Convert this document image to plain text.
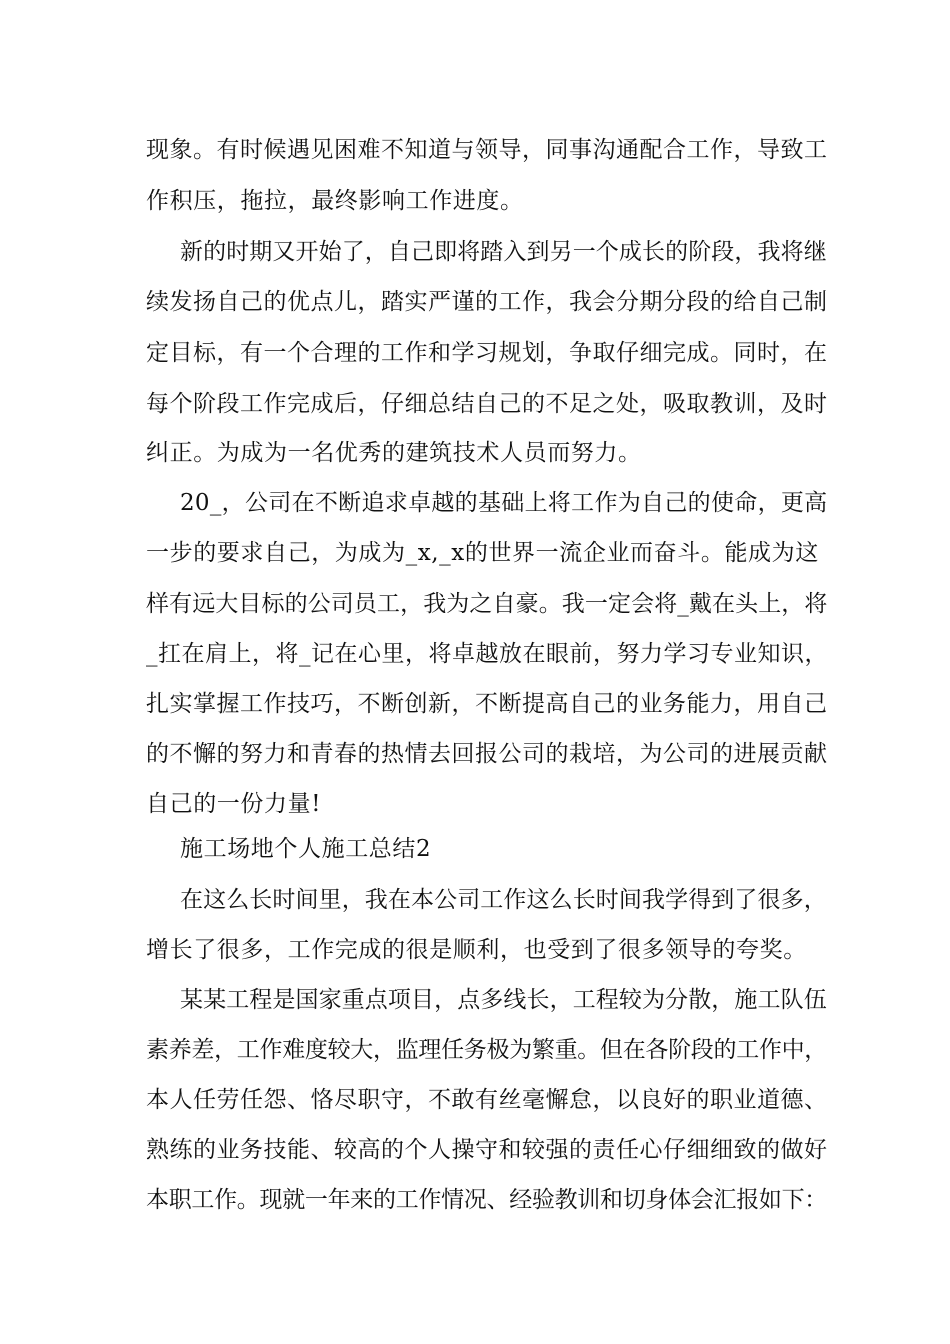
现象。有时候遇见困难不知道与领导，同事沟通配合工作，导致工
作积压，拖拉，最终影响工作进度。
新的时期又开始了，自己即将踏入到另一个成长的阶段，我将继
续发扬自己的优点儿，踏实严谨的工作，我会分期分段的给自己制
定目标，有一个合理的工作和学习规划，争取仔细完成。同时，在
每个阶段工作完成后，仔细总结自己的不足之处，吸取教训，及时
纠正。为成为一名优秀的建筑技术人员而努力。
20_，公司在不断追求卓越的基础上将工作为自己的使命，更高
一步的要求自己，为成为_x,_x的世界一流企业而奋斗。能成为这
样有远大目标的公司员工，我为之自豪。我一定会将_戴在头上，将
_扛在肩上，将_记在心里，将卓越放在眼前，努力学习专业知识，
扎实掌握工作技巧，不断创新，不断提高自己的业务能力，用自己
的不懈的努力和青春的热情去回报公司的栽培，为公司的进展贡献
自己的一份力量!
施工场地个人施工总结2
在这么长时间里，我在本公司工作这么长时间我学得到了很多，
增长了很多，工作完成的很是顺利，也受到了很多领导的夸奖。
某某工程是国家重点项目，点多线长，工程较为分散，施工队伍
素养差，工作难度较大，监理任务极为繁重。但在各阶段的工作中，
本人任劳任怨、恪尽职守，不敢有丝毫懈怠，以良好的职业道德、
熟练的业务技能、较高的个人操守和较强的责任心仔细细致的做好
本职工作。现就一年来的工作情况、经验教训和切身体会汇报如下：
